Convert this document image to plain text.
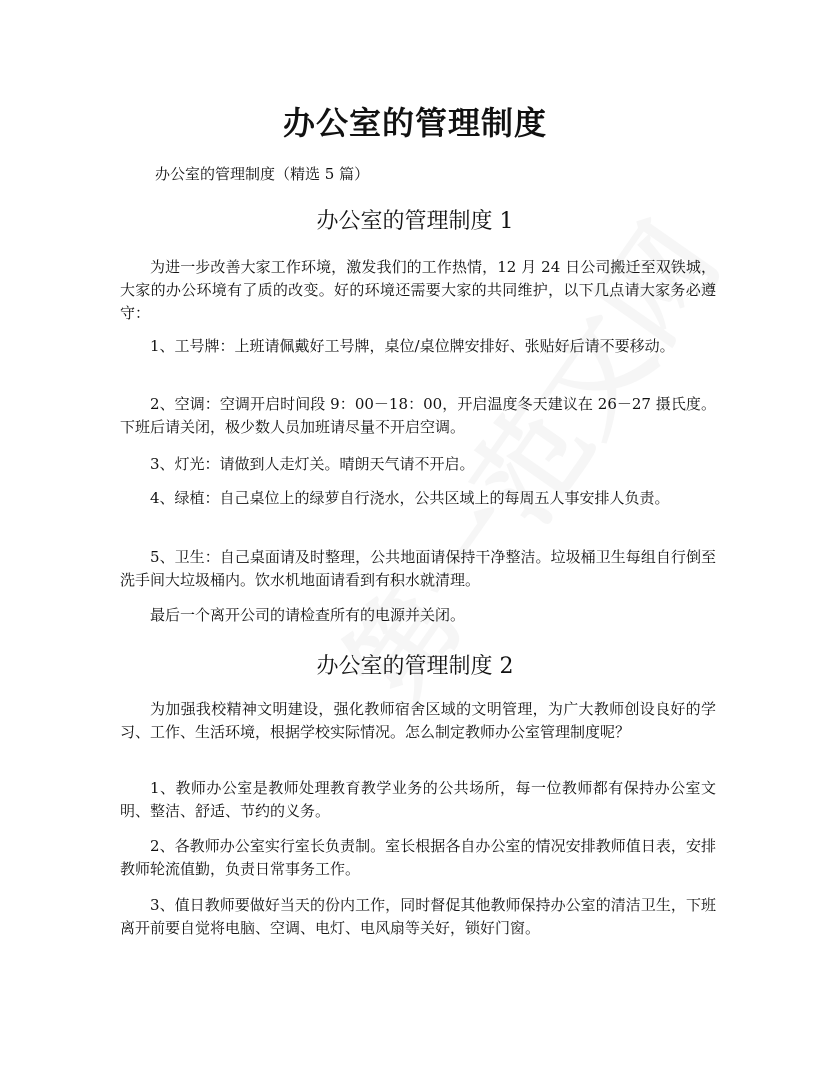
办公室的管理制度

办公室的管理制度（精选 5 篇）

办公室的管理制度 1

为进一步改善大家工作环境，激发我们的工作热情，12 月 24 日公司搬迁至双铁城，大家的办公环境有了质的改变。好的环境还需要大家的共同维护，以下几点请大家务必遵守：

1、工号牌：上班请佩戴好工号牌，桌位/桌位牌安排好、张贴好后请不要移动。

2、空调：空调开启时间段 9：00－18：00，开启温度冬天建议在 26－27 摄氏度。下班后请关闭，极少数人员加班请尽量不开启空调。

3、灯光：请做到人走灯关。晴朗天气请不开启。

4、绿植：自己桌位上的绿萝自行浇水，公共区域上的每周五人事安排人负责。

5、卫生：自己桌面请及时整理，公共地面请保持干净整洁。垃圾桶卫生每组自行倒至洗手间大垃圾桶内。饮水机地面请看到有积水就清理。

最后一个离开公司的请检查所有的电源并关闭。

办公室的管理制度 2

为加强我校精神文明建设，强化教师宿舍区域的文明管理，为广大教师创设良好的学习、工作、生活环境，根据学校实际情况。怎么制定教师办公室管理制度呢？

1、教师办公室是教师处理教育教学业务的公共场所，每一位教师都有保持办公室文明、整洁、舒适、节约的义务。

2、各教师办公室实行室长负责制。室长根据各自办公室的情况安排教师值日表，安排教师轮流值勤，负责日常事务工作。

3、值日教师要做好当天的份内工作，同时督促其他教师保持办公室的清洁卫生，下班离开前要自觉将电脑、空调、电灯、电风扇等关好，锁好门窗。
